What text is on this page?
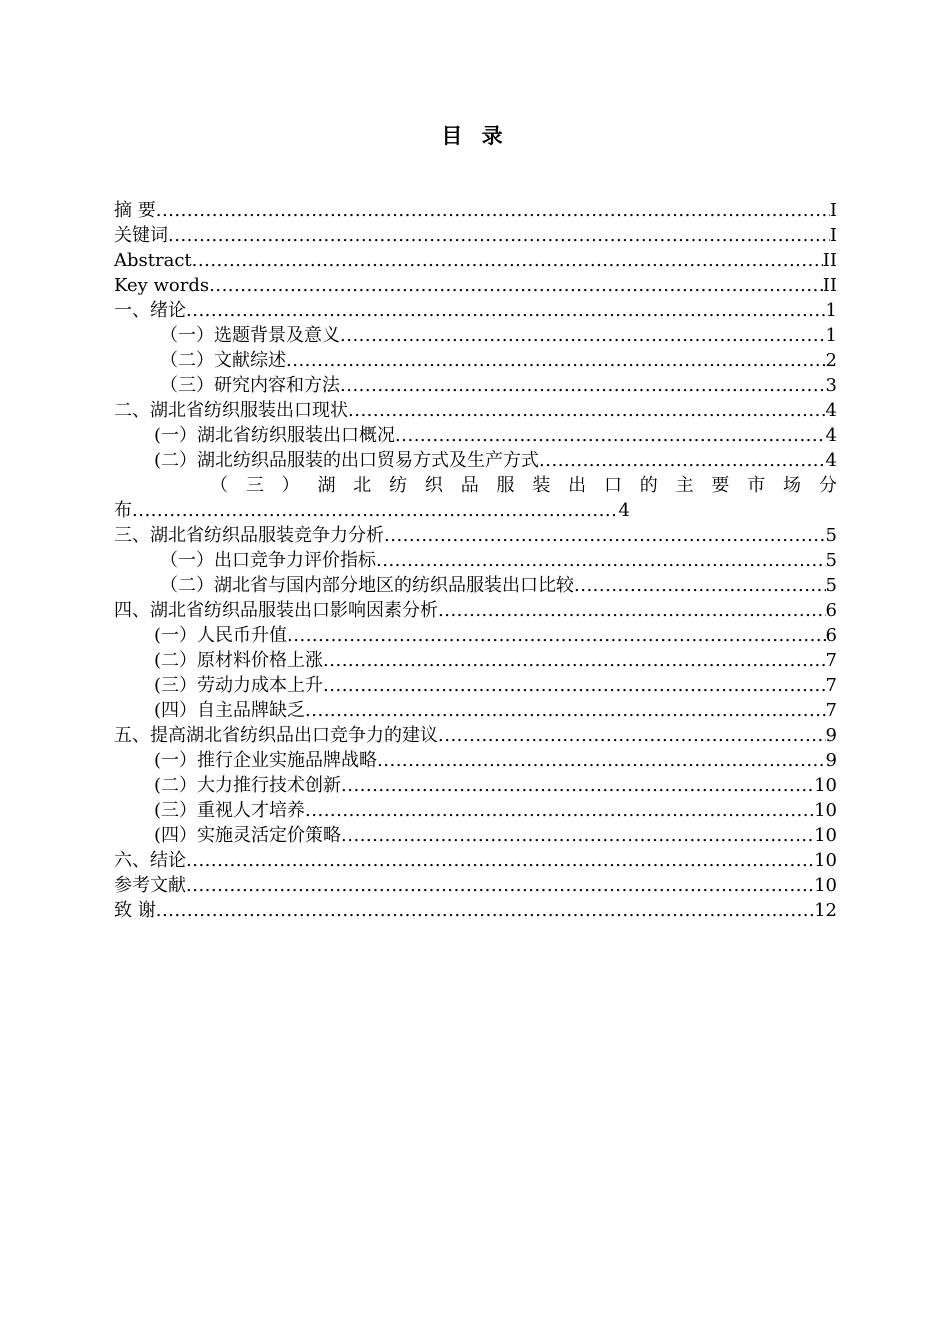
目 录
摘 要 .....	I
关键词 .....	I
Abstract .....	II
Key words .....	II
一、绪论 .....	1
（一）选题背景及意义 .....	1
（二）文献综述 .....	2
（三）研究内容和方法 .....	3
二、湖北省纺织服装出口现状 .....	4
(一）湖北省纺织服装出口概况 .....	4
(二）湖北纺织品服装的出口贸易方式及生产方式 .....	4
（ 三 ） 湖 北 纺 织 品 服 装 出 口 的 主 要 市 场 分
布 .....	4
三、湖北省纺织品服装竞争力分析 .....	5
（一）出口竞争力评价指标 .....	5
（二）湖北省与国内部分地区的纺织品服装出口比较 .....	5
四、湖北省纺织品服装出口影响因素分析 .....	6
(一）人民币升值 .....	6
(二）原材料价格上涨 .....	7
(三）劳动力成本上升 .....	7
(四）自主品牌缺乏 .....	7
五、提高湖北省纺织品出口竞争力的建议 .....	9
(一）推行企业实施品牌战略 .....	9
(二）大力推行技术创新 .....	10
(三）重视人才培养 .....	10
(四）实施灵活定价策略 .....	10
六、结论 .....	10
参考文献 .....	10
致 谢 .....	12
